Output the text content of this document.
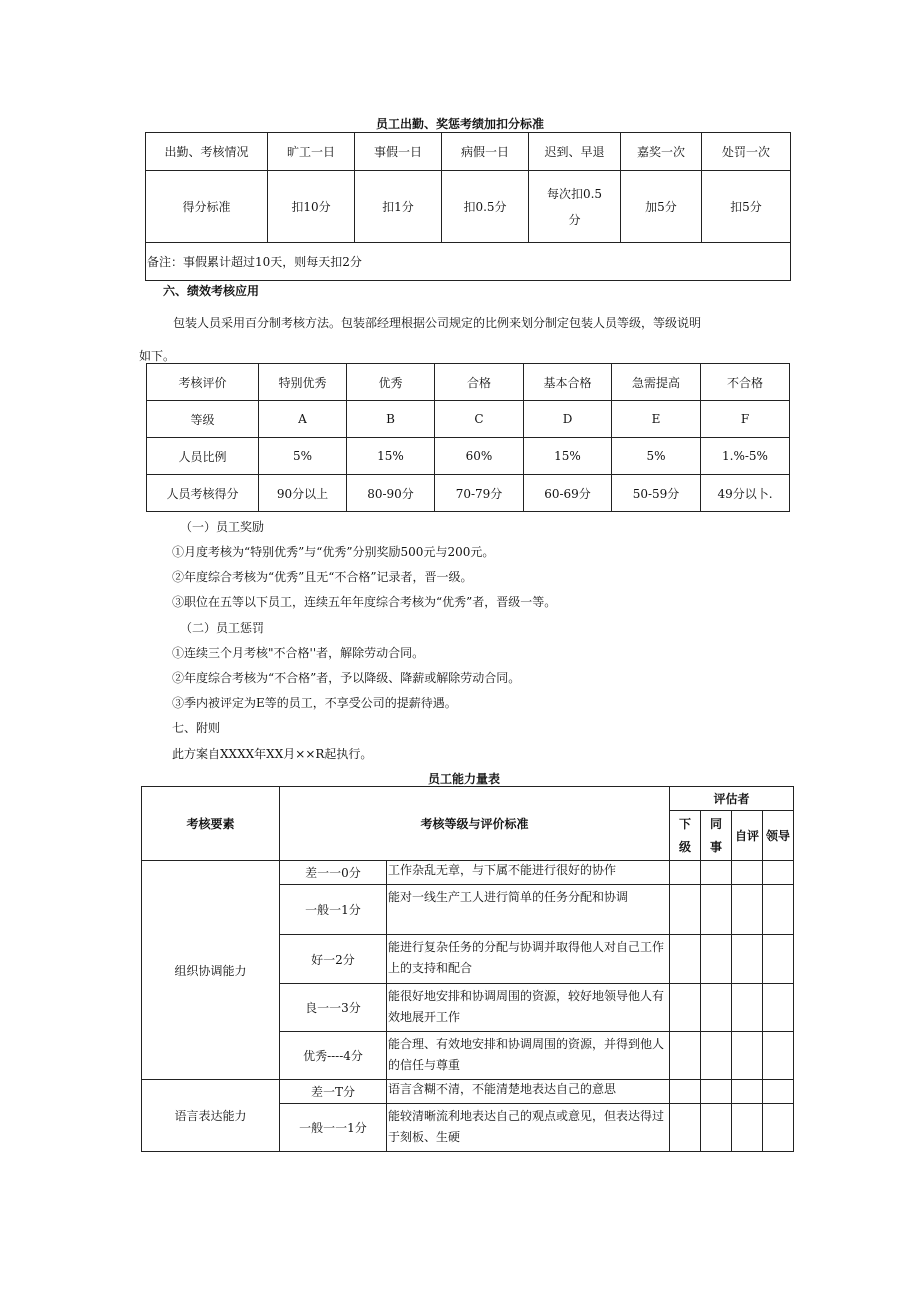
员工出勤、奖惩考绩加扣分标准
出勤、考核情况	旷工一日	事假一日	病假一日	迟到、早退	嘉奖一次	处罚一次
得分标准	扣10分	扣1分	扣0.5分	每次扣0.5分	加5分	扣5分
备注：事假累计超过10天，则每天扣2分						
六、绩效考核应用
包装人员采用百分制考核方法。包装部经理根据公司规定的比例来划分制定包装人员等级，等级说明
如下。
考核评价	特别优秀	优秀	合格	基本合格	急需提高	不合格
等级	A	B	C	D	E	F
人员比例	5%	15%	60%	15%	5%	1.%-5%
人员考核得分	90分以上	80-90分	70-79分	60-69分	50-59分	49分以卜.
（一）员工奖励
①月度考核为“特别优秀”与“优秀”分别奖励500元与200元。
②年度综合考核为“优秀”且无“不合格”记录者，晋一级。
③职位在五等以下员工，连续五年年度综合考核为“优秀”者，晋级一等。
（二）员工惩罚
①连续三个月考核"不合格''者，解除劳动合同。
②年度综合考核为“不合格”者，予以降级、降薪或解除劳动合同。
③季内被评定为E等的员工，不享受公司的提薪待遇。
七、附则
此方案自XXXX年XX月××R起执行。
员工能力量表
考核要素	考核等级与评价标准		评估者			
			下级	同事	自评	领导
组织协调能力	差一一0分	工作杂乱无章，与下属不能进行很好的协作				
	一般一1分	能对一线生产工人进行简单的任务分配和协调				
	好一2分	能进行复杂任务的分配与协调并取得他人对自己工作上的支持和配合				
	良一一3分	能很好地安排和协调周围的资源，较好地领导他人有效地展开工作				
	优秀----4分	能合理、有效地安排和协调周围的资源，并得到他人的信任与尊重				
语言表达能力	差一T分	语言含糊不清，不能清楚地表达自己的意思				
	一般一一1分	能较清晰流利地表达自己的观点或意见，但表达得过于刻板、生硬				
